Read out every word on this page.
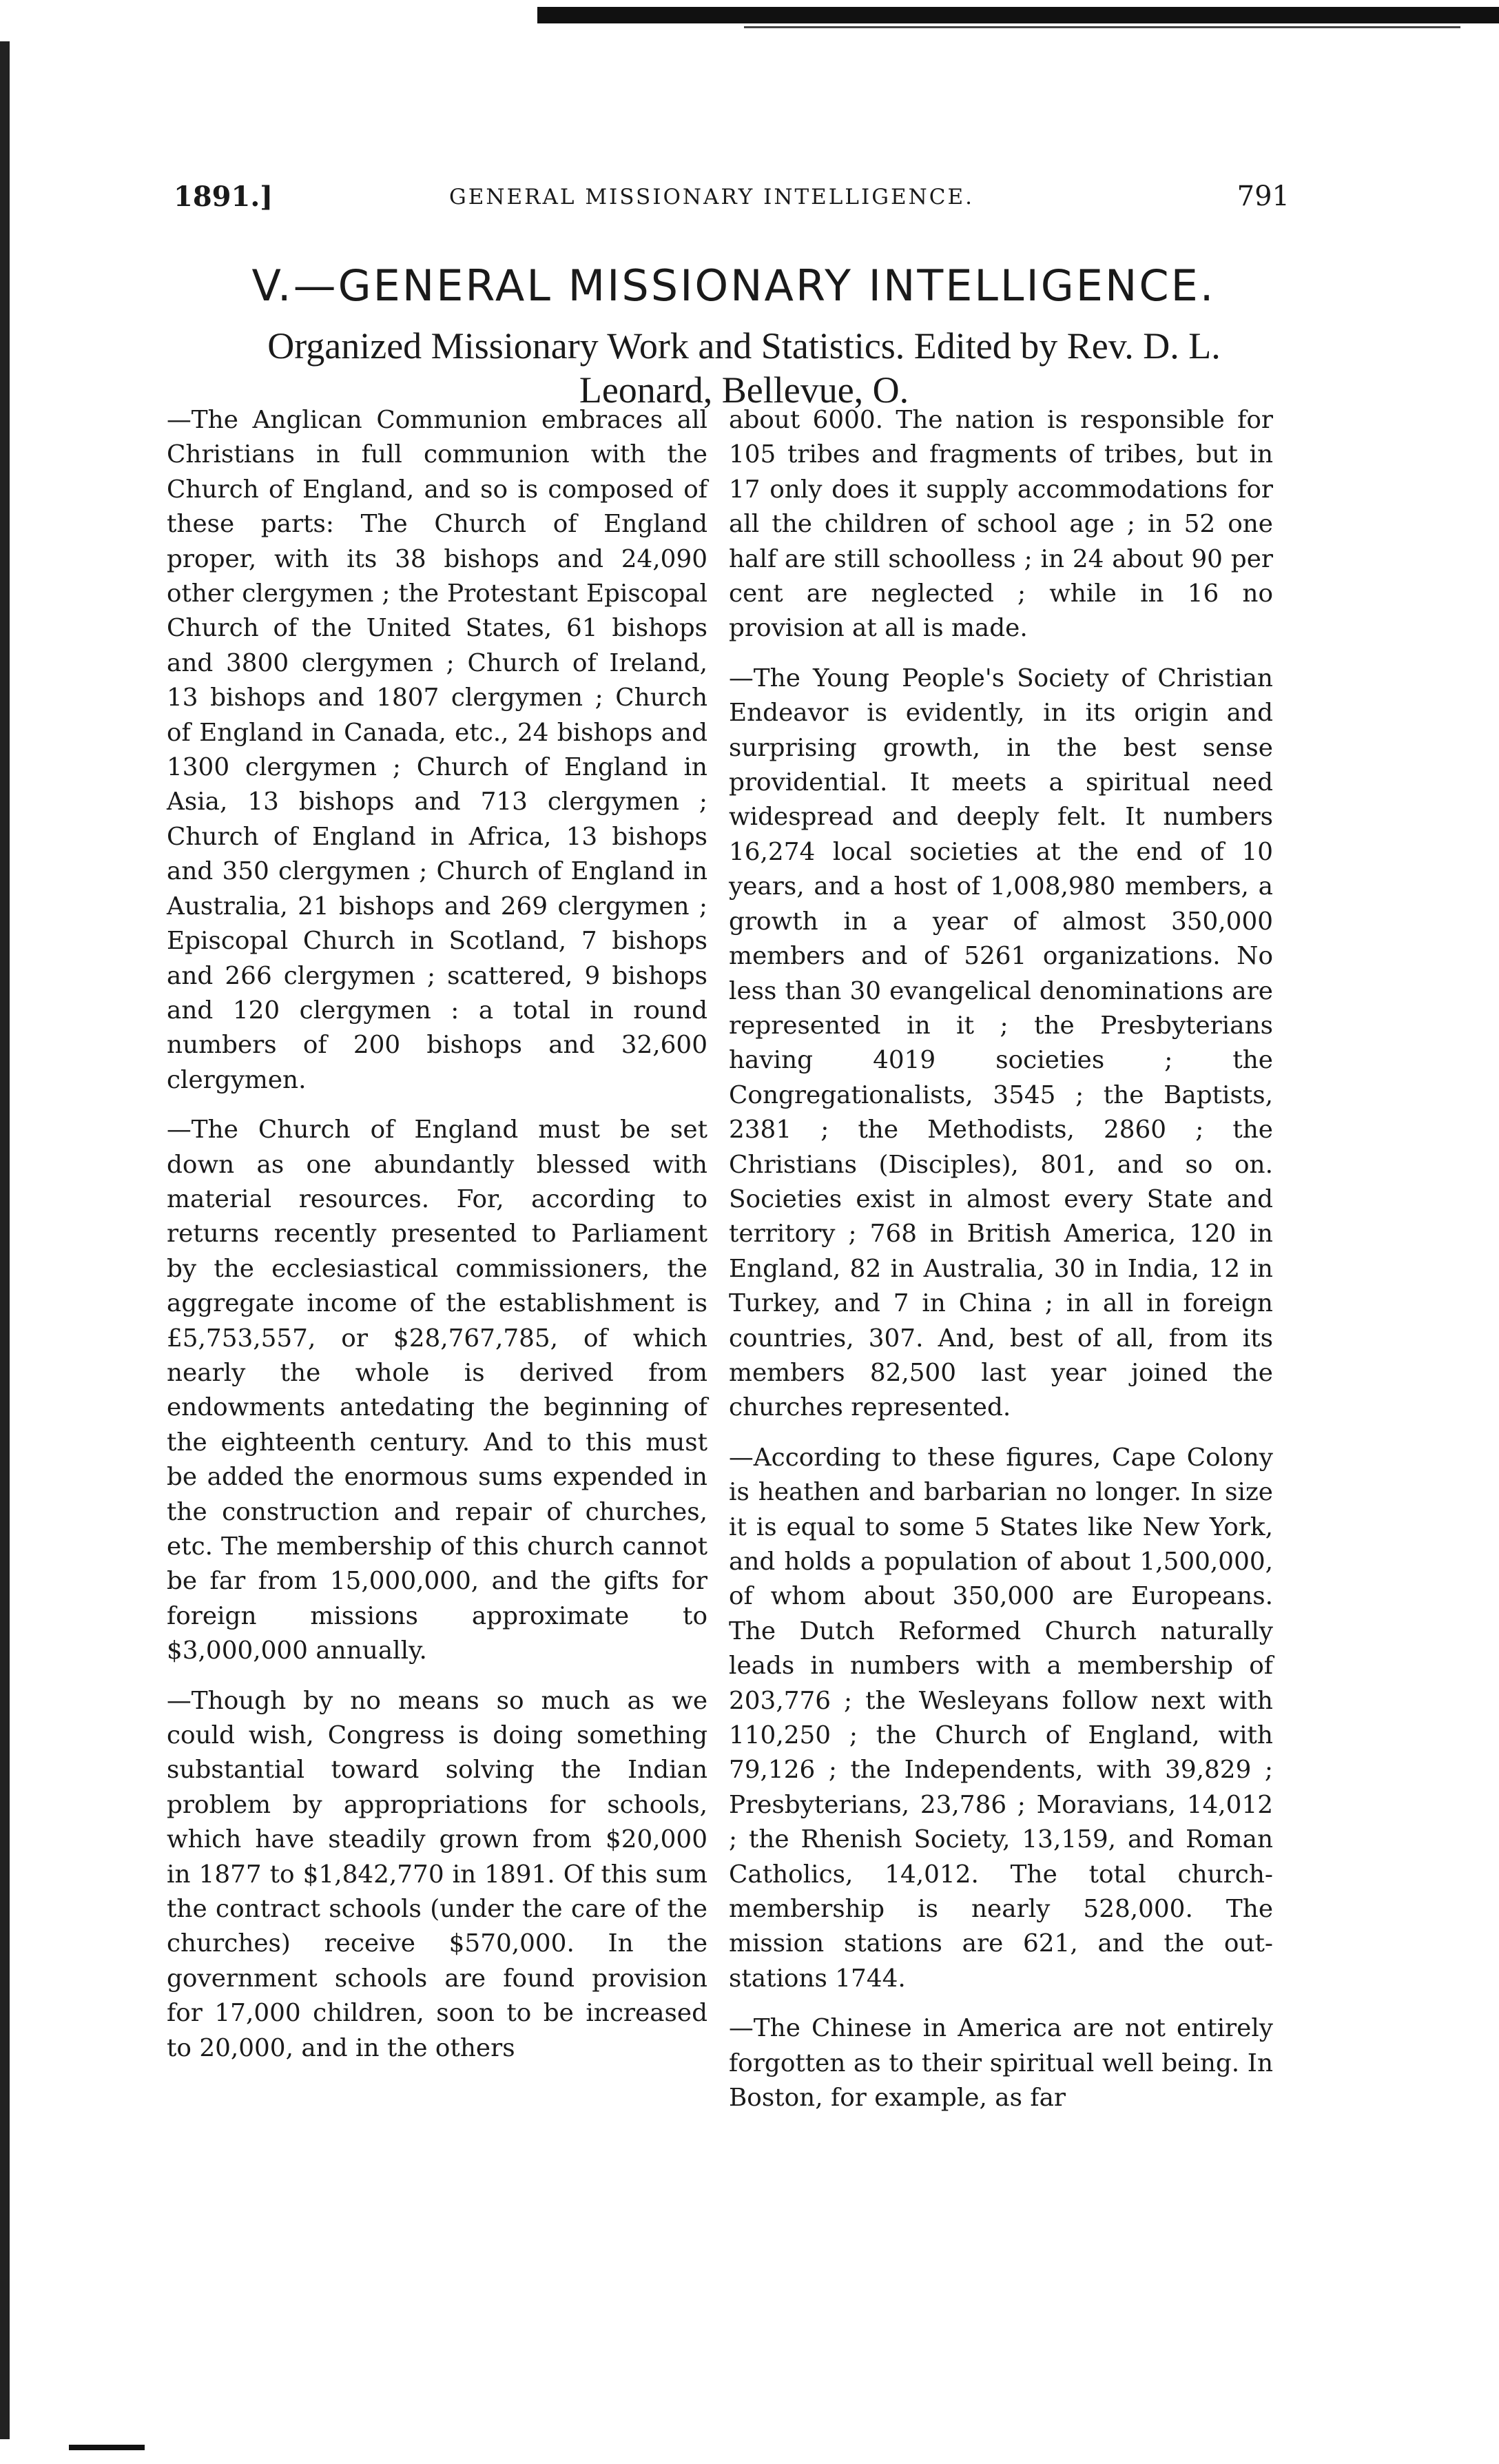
1891.]	GENERAL MISSIONARY INTELLIGENCE.	791
V.—GENERAL MISSIONARY INTELLIGENCE.
Organized Missionary Work and Statistics. Edited by Rev. D. L. Leonard, Bellevue, O.

—The Anglican Communion embraces all Christians in full communion with the Church of England, and so is composed of these parts: The Church of England proper, with its 38 bishops and 24,090 other clergymen ; the Protestant Episcopal Church of the United States, 61 bishops and 3800 clergymen ; Church of Ireland, 13 bishops and 1807 clergymen ; Church of England in Canada, etc., 24 bishops and 1300 clergymen ; Church of England in Asia, 13 bishops and 713 clergymen ; Church of England in Africa, 13 bishops and 350 clergymen ; Church of England in Australia, 21 bishops and 269 clergymen ; Episcopal Church in Scotland, 7 bishops and 266 clergymen ; scattered, 9 bishops and 120 clergymen : a total in round numbers of 200 bishops and 32,600 clergymen.

—The Church of England must be set down as one abundantly blessed with material resources. For, according to returns recently presented to Parliament by the ecclesiastical commissioners, the aggregate income of the establishment is £5,753,557, or $28,767,785, of which nearly the whole is derived from endowments antedating the beginning of the eighteenth century. And to this must be added the enormous sums expended in the construction and repair of churches, etc. The membership of this church cannot be far from 15,000,000, and the gifts for foreign missions approximate to $3,000,000 annually.

—Though by no means so much as we could wish, Congress is doing something substantial toward solving the Indian problem by appropriations for schools, which have steadily grown from $20,000 in 1877 to $1,842,770 in 1891. Of this sum the contract schools (under the care of the churches) receive $570,000. In the government schools are found provision for 17,000 children, soon to be increased to 20,000, and in the others

about 6000. The nation is responsible for 105 tribes and fragments of tribes, but in 17 only does it supply accommodations for all the children of school age ; in 52 one half are still schoolless ; in 24 about 90 per cent are neglected ; while in 16 no provision at all is made.

—The Young People's Society of Christian Endeavor is evidently, in its origin and surprising growth, in the best sense providential. It meets a spiritual need widespread and deeply felt. It numbers 16,274 local societies at the end of 10 years, and a host of 1,008,980 members, a growth in a year of almost 350,000 members and of 5261 organizations. No less than 30 evangelical denominations are represented in it ; the Presbyterians having 4019 societies ; the Congregationalists, 3545 ; the Baptists, 2381 ; the Methodists, 2860 ; the Christians (Disciples), 801, and so on. Societies exist in almost every State and territory ; 768 in British America, 120 in England, 82 in Australia, 30 in India, 12 in Turkey, and 7 in China ; in all in foreign countries, 307. And, best of all, from its members 82,500 last year joined the churches represented.

—According to these figures, Cape Colony is heathen and barbarian no longer. In size it is equal to some 5 States like New York, and holds a population of about 1,500,000, of whom about 350,000 are Europeans. The Dutch Reformed Church naturally leads in numbers with a membership of 203,776 ; the Wesleyans follow next with 110,250 ; the Church of England, with 79,126 ; the Independents, with 39,829 ; Presbyterians, 23,786 ; Moravians, 14,012 ; the Rhenish Society, 13,159, and Roman Catholics, 14,012. The total church-membership is nearly 528,000. The mission stations are 621, and the out-stations 1744.

—The Chinese in America are not entirely forgotten as to their spiritual well being. In Boston, for example, as far
